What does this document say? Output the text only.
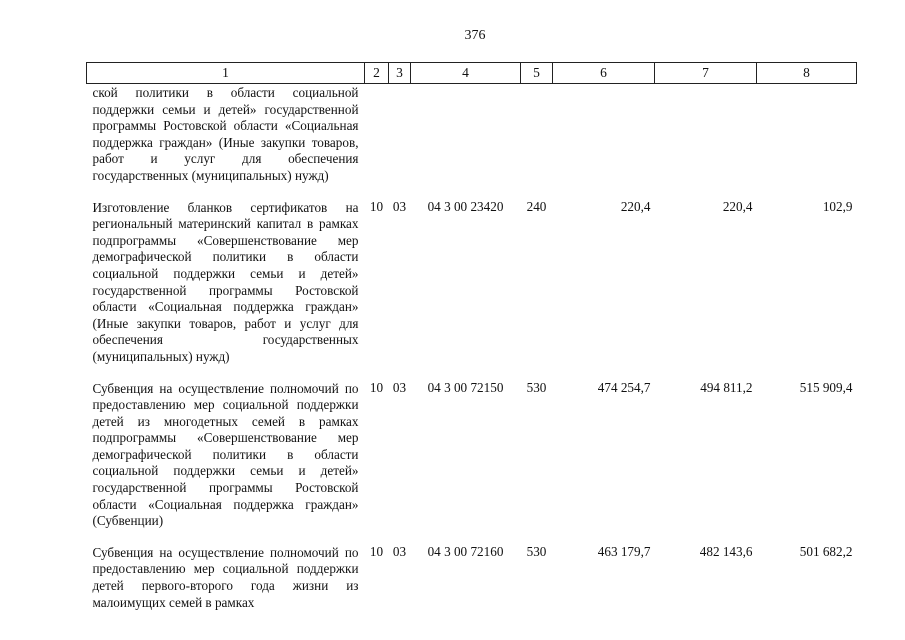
376
1	2	3	4	5	6	7	8
ской политики в области социальной поддержки семьи и детей» государственной программы Ростовской области «Социальная поддержка граждан» (Иные закупки товаров, работ и услуг для обеспечения государственных (муниципальных) нужд)							
Изготовление бланков сертификатов на региональный материнский капитал в рамках подпрограммы «Совершенствование мер демографической политики в области социальной поддержки семьи и детей» государственной программы Ростовской области «Социальная поддержка граждан» (Иные закупки товаров, работ и услуг для обеспечения государственных (муниципальных) нужд)	10	03	04 3 00 23420	240	220,4	220,4	102,9
Субвенция на осуществление полномочий по предоставлению мер социальной поддержки детей из многодетных семей в рамках подпрограммы «Совершенствование мер демографической политики в области социальной поддержки семьи и детей» государственной программы Ростовской области «Социальная поддержка граждан» (Субвенции)	10	03	04 3 00 72150	530	474 254,7	494 811,2	515 909,4
Субвенция на осуществление полномочий по предоставлению мер социальной поддержки детей первого-второго года жизни из малоимущих семей в рамках	10	03	04 3 00 72160	530	463 179,7	482 143,6	501 682,2
